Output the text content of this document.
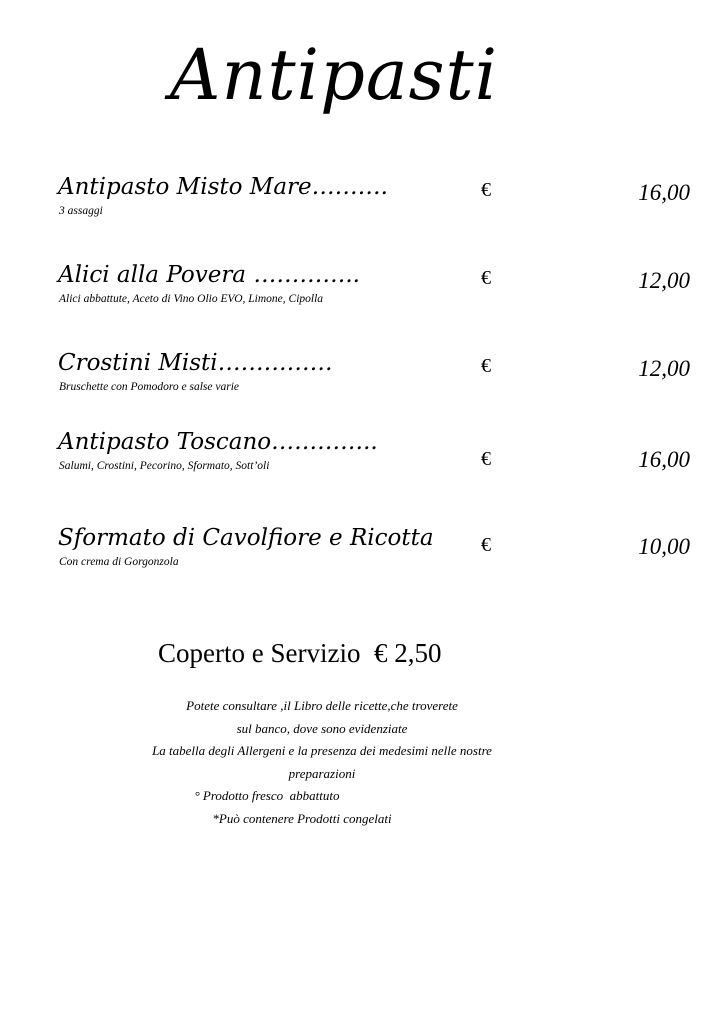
Antipasti
Antipasto Misto Mare……….
3 assaggi
€	16,00
Alici alla Povera …………..
Alici abbattute, Aceto di Vino Olio EVO, Limone, Cipolla
€	12,00
Crostini Misti……………
Bruschette con Pomodoro e salse varie
€	12,00
Antipasto Toscano…………..
Salumi, Crostini, Pecorino, Sformato, Sott’oli	€	16,00
Sformato di Cavolfiore e Ricotta
Con crema di Gorgonzola
€	10,00
Coperto e Servizio  € 2,50
Potete consultare ,il Libro delle ricette,che troverete
sul banco, dove sono evidenziate
La tabella degli Allergeni e la presenza dei medesimi nelle nostre
preparazioni
° Prodotto fresco  abbattuto
*Può contenere Prodotti congelati
